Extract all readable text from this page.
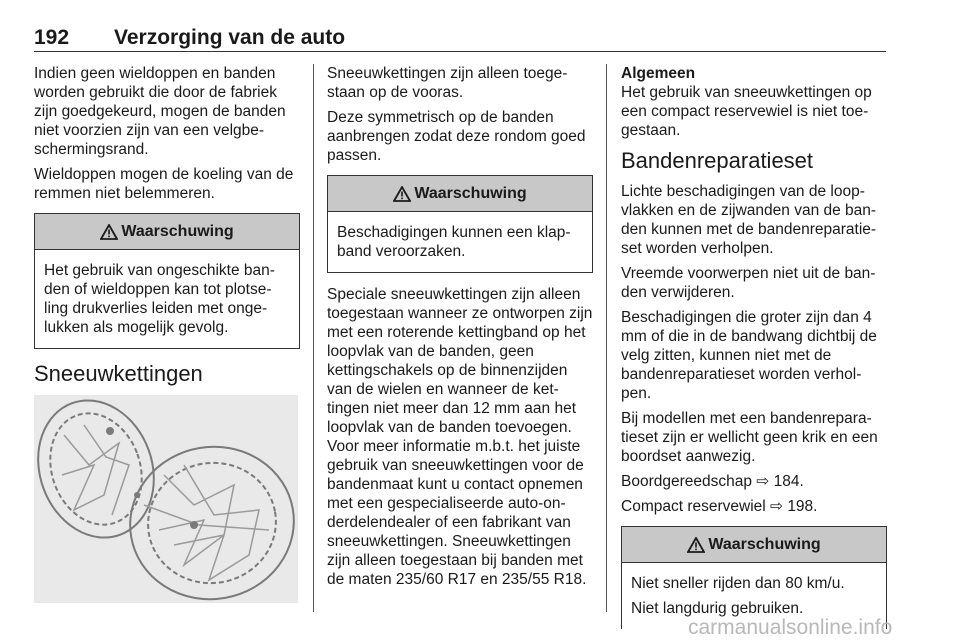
192 Verzorging van de auto

Indien geen wieldoppen en banden worden gebruikt die door de fabriek zijn goedgekeurd, mogen de banden niet voorzien zijn van een velgbe-schermingsrand.

Wieldoppen mogen de koeling van de remmen niet belemmeren.

Waarschuwing

Het gebruik van ongeschikte ban-den of wieldoppen kan tot plotse-ling drukverlies leiden met onge-lukken als mogelijk gevolg.

Sneeuwkettingen

Sneeuwkettingen zijn alleen toege-staan op de vooras.

Deze symmetrisch op de banden aanbrengen zodat deze rondom goed passen.

Waarschuwing

Beschadigingen kunnen een klap-band veroorzaken.

Speciale sneeuwkettingen zijn alleen toegestaan wanneer ze ontworpen zijn met een roterende kettingband op het loopvlak van de banden, geen kettingschakels op de binnenzijden van de wielen en wanneer de ket-tingen niet meer dan 12 mm aan het loopvlak van de banden toevoegen. Voor meer informatie m.b.t. het juiste gebruik van sneeuwkettingen voor de bandenmaat kunt u contact opnemen met een gespecialiseerde auto-on-derdelendealer of een fabrikant van sneeuwkettingen. Sneeuwkettingen zijn alleen toegestaan bij banden met de maten 235/60 R17 en 235/55 R18.

Algemeen

Het gebruik van sneeuwkettingen op een compact reservewiel is niet toe-gestaan.

Bandenreparatieset

Lichte beschadigingen van de loop-vlakken en de zijwanden van de ban-den kunnen met de bandenreparatie-set worden verholpen.

Vreemde voorwerpen niet uit de ban-den verwijderen.

Beschadigingen die groter zijn dan 4 mm of die in de bandwang dichtbij de velg zitten, kunnen niet met de bandenreparatieset worden verhol-pen.

Bij modellen met een bandenrepara-tieset zijn er wellicht geen krik en een boordset aanwezig.

Boordgereedschap ⇨ 184.

Compact reservewiel ⇨ 198.

Waarschuwing

Niet sneller rijden dan 80 km/u.

Niet langdurig gebruiken.

carmanualsonline.info
